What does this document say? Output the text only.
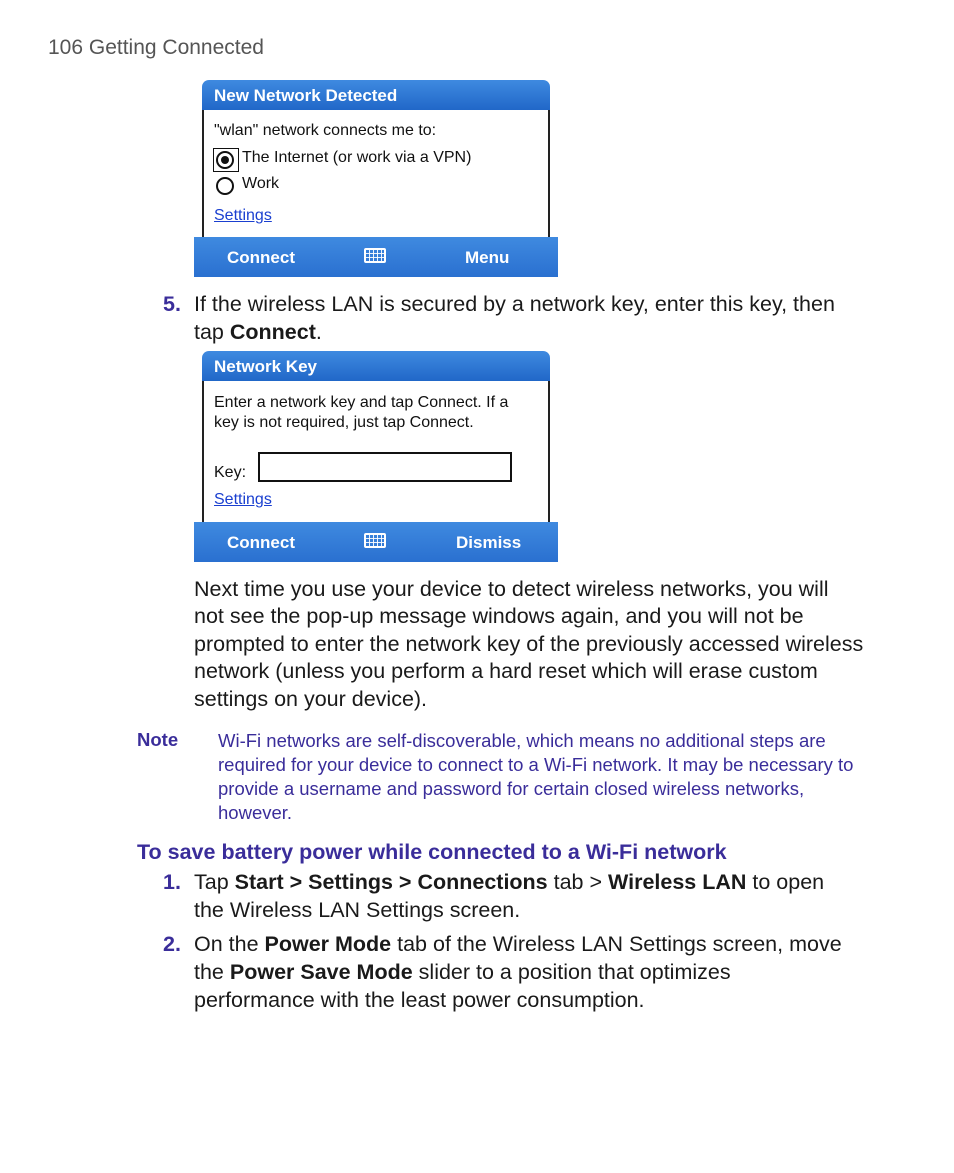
106 Getting Connected
New Network Detected
"wlan" network connects me to:
The Internet (or work via a VPN)
Work
Settings
Connect	Menu
5. If the wireless LAN is secured by a network key, enter this key, then tap Connect.
Network Key
Enter a network key and tap Connect. If a
key is not required, just tap Connect.
Key:
Settings
Connect	Dismiss
Next time you use your device to detect wireless networks, you will not see the pop-up message windows again, and you will not be prompted to enter the network key of the previously accessed wireless network (unless you perform a hard reset which will erase custom settings on your device).
Note Wi-Fi networks are self-discoverable, which means no additional steps are required for your device to connect to a Wi-Fi network. It may be necessary to provide a username and password for certain closed wireless networks, however.
To save battery power while connected to a Wi-Fi network
1. Tap Start > Settings > Connections tab > Wireless LAN to open the Wireless LAN Settings screen.
2. On the Power Mode tab of the Wireless LAN Settings screen, move the Power Save Mode slider to a position that optimizes performance with the least power consumption.
